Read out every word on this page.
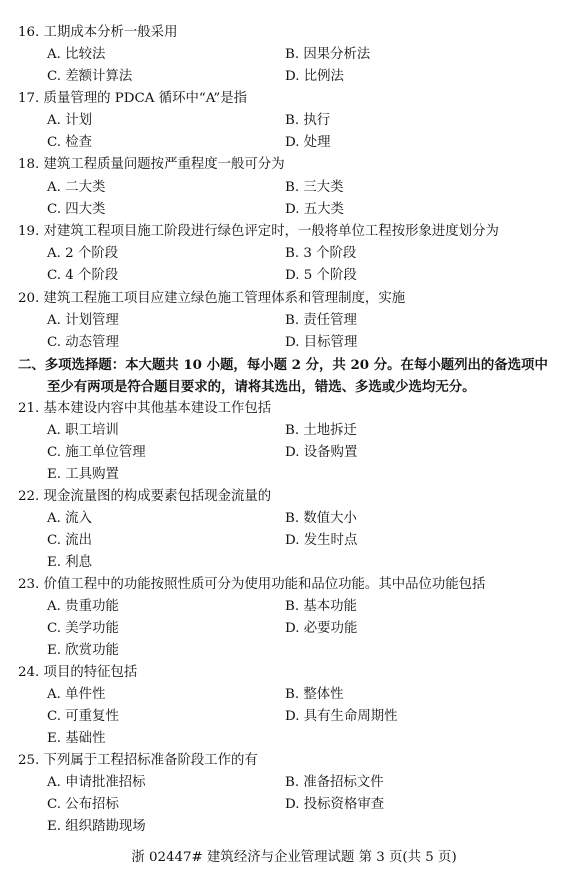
16. 工期成本分析一般采用
A. 比较法	B. 因果分析法
C. 差额计算法	D. 比例法
17. 质量管理的 PDCA 循环中“A”是指
A. 计划	B. 执行
C. 检查	D. 处理
18. 建筑工程质量问题按严重程度一般可分为
A. 二大类	B. 三大类
C. 四大类	D. 五大类
19. 对建筑工程项目施工阶段进行绿色评定时，一般将单位工程按形象进度划分为
A. 2 个阶段	B. 3 个阶段
C. 4 个阶段	D. 5 个阶段
20. 建筑工程施工项目应建立绿色施工管理体系和管理制度，实施
A. 计划管理	B. 责任管理
C. 动态管理	D. 目标管理
二、多项选择题：本大题共 10 小题，每小题 2 分，共 20 分。在每小题列出的备选项中
至少有两项是符合题目要求的，请将其选出，错选、多选或少选均无分。
21. 基本建设内容中其他基本建设工作包括
A. 职工培训	B. 土地拆迁
C. 施工单位管理	D. 设备购置
E. 工具购置
22. 现金流量图的构成要素包括现金流量的
A. 流入	B. 数值大小
C. 流出	D. 发生时点
E. 利息
23. 价值工程中的功能按照性质可分为使用功能和品位功能。其中品位功能包括
A. 贵重功能	B. 基本功能
C. 美学功能	D. 必要功能
E. 欣赏功能
24. 项目的特征包括
A. 单件性	B. 整体性
C. 可重复性	D. 具有生命周期性
E. 基础性
25. 下列属于工程招标准备阶段工作的有
A. 申请批准招标	B. 准备招标文件
C. 公布招标	D. 投标资格审查
E. 组织踏勘现场
浙 02447# 建筑经济与企业管理试题 第 3 页(共 5 页)
